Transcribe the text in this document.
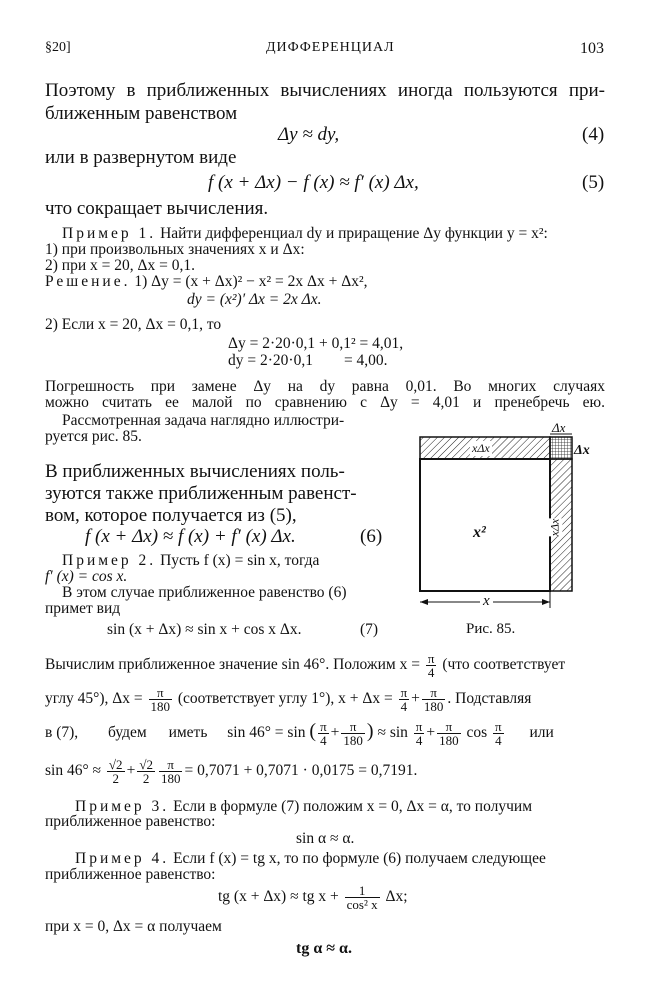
§20]	ДИФФЕРЕНЦИАЛ	103
Поэтому в приближенных вычислениях иногда пользуются при-
ближенным равенством
Δy ≈ dy,	(4)
или в развернутом виде
f (x + Δx) − f (x) ≈ f′ (x) Δx,	(5)
что сокращает вычисления.
Пример 1. Найти дифференциал dy и приращение Δy функции y = x²:
1) при произвольных значениях x и Δx:
2) при x = 20, Δx = 0,1.
Решение. 1) Δy = (x + Δx)² − x² = 2x Δx + Δx²,
dy = (x²)′ Δx = 2x Δx.
2) Если x = 20, Δx = 0,1, то
Δy = 2·20·0,1 + 0,1² = 4,01,
dy = 2·20·0,1        = 4,00.
Погрешность при замене Δy на dy равна 0,01. Во многих случаях
можно считать ее малой по сравнению с Δy = 4,01 и пренебречь ею.
Рассмотренная задача наглядно иллюстри-
руется рис. 85.
В приближенных вычислениях поль-
зуются также приближенным равенст-
вом, которое получается из (5),
f (x + Δx) ≈ f (x) + f′ (x) Δx.	(6)
Пример 2. Пусть f (x) = sin x, тогда
f′ (x) = cos x.
В этом случае приближенное равенство (6)
примет вид
sin (x + Δx) ≈ sin x + cos x Δx.	(7)
Δx
Δx
xΔx
xΔx
x²
x
Рис. 85.
Вычислим приближенное значение sin 46°. Положим $x = \frac{\pi}{4} (что$ соответствует
углу 45°), $\Delta x = \frac{\pi}{180}$ (соответствует углу 1°), $x + \Delta x = \frac{\pi}{4} + \frac{\pi}{180}$ . Подставляя
в (7), будем иметь sin 46° = sin ( $\frac{\pi}{4} + \frac{\pi}{180}$ ) ≈ $\sin \frac{\pi}{4} + \frac{\pi}{180}$ $\cos \frac{\pi}{4}$ или
$\sin 46^\circ \approx \frac{√2}{2} + \frac{√2}{2} \frac{\pi}{180} = 0,7071 + 0,7071 \cdot 0,0175 = 0,7191$.
Пример 3. Если в формуле (7) положим x = 0, Δx = α, то получим
приближенное равенство:
sin α ≈ α.
Пример 4. Если f (x) = tg x, то по формуле (6) получаем следующее
приближенное равенство:
tg (x + Δx) ≈ tg $x + \frac{1}{\text{cos² x}} \Delta x$;
при x = 0, Δx = α получаем
tg α ≈ α.
